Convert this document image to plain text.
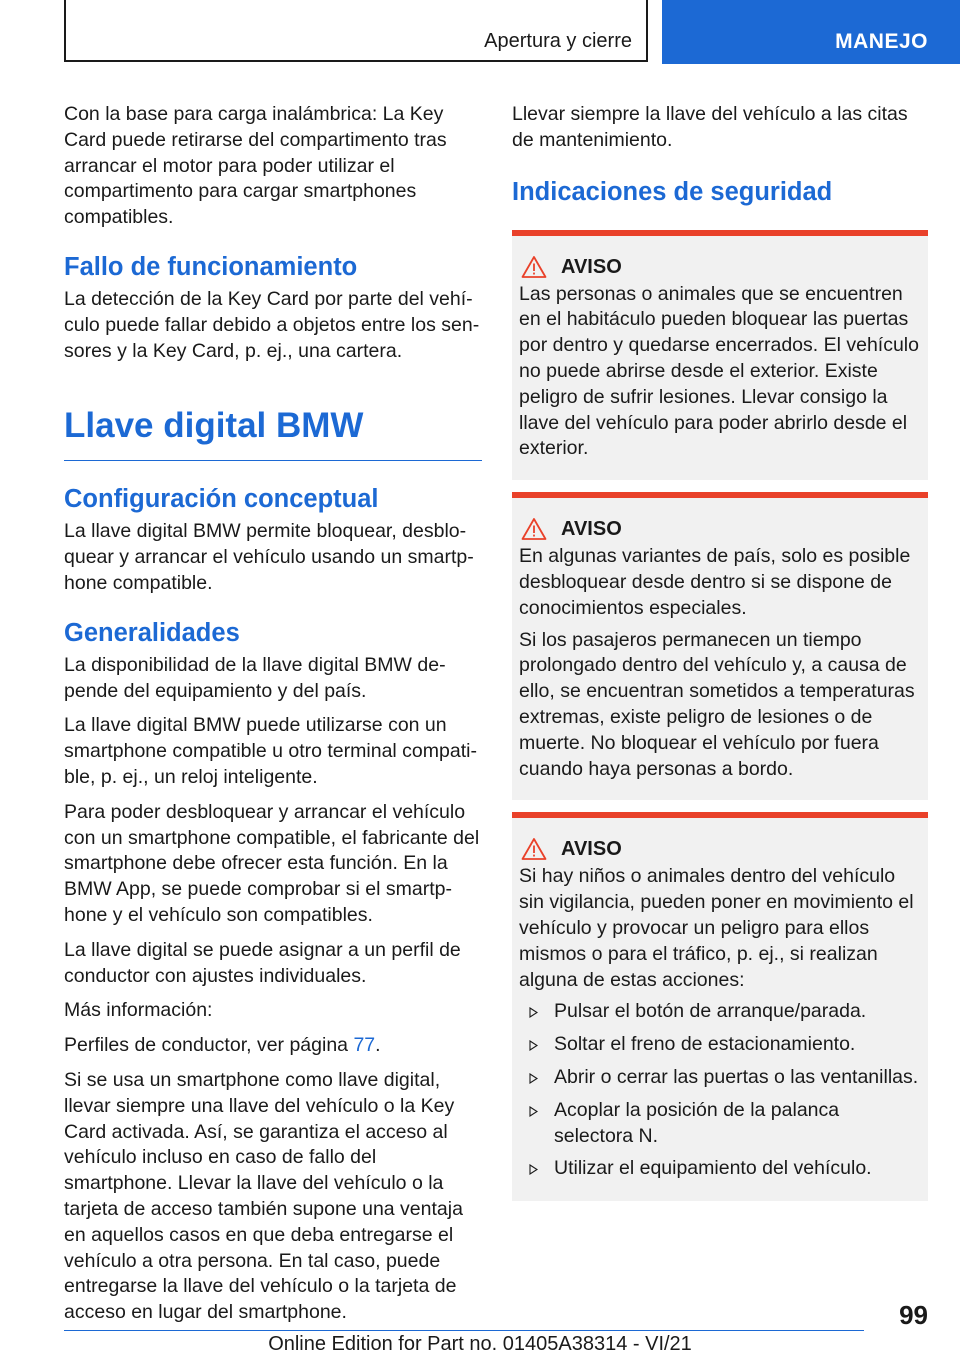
Apertura y cierre	MANEJO

Con la base para carga inalámbrica: La Key Card puede retirarse del compartimento tras arrancar el motor para poder utilizar el compartimento para cargar smartphones compatibles.

Fallo de funcionamiento

La detección de la Key Card por parte del vehículo puede fallar debido a objetos entre los sensores y la Key Card, p. ej., una cartera.

Llave digital BMW
Configuración conceptual

La llave digital BMW permite bloquear, desbloquear y arrancar el vehículo usando un smartphone compatible.

Generalidades

La disponibilidad de la llave digital BMW depende del equipamiento y del país.

La llave digital BMW puede utilizarse con un smartphone compatible u otro terminal compatible, p. ej., un reloj inteligente.

Para poder desbloquear y arrancar el vehículo con un smartphone compatible, el fabricante del smartphone debe ofrecer esta función. En la BMW App, se puede comprobar si el smartphone y el vehículo son compatibles.

La llave digital se puede asignar a un perfil de conductor con ajustes individuales.

Más información:

Perfiles de conductor, ver página 77.

Si se usa un smartphone como llave digital, llevar siempre una llave del vehículo o la Key Card activada. Así, se garantiza el acceso al vehículo incluso en caso de fallo del smartphone. Llevar la llave del vehículo o la tarjeta de acceso también supone una ventaja en aquellos casos en que deba entregarse el vehículo a otra persona. En tal caso, puede entregarse la llave del vehículo o la tarjeta de acceso en lugar del smartphone.

Llevar siempre la llave del vehículo a las citas de mantenimiento.

Indicaciones de seguridad
AVISO

Las personas o animales que se encuentren en el habitáculo pueden bloquear las puertas por dentro y quedarse encerrados. El vehículo no puede abrirse desde el exterior. Existe peligro de sufrir lesiones. Llevar consigo la llave del vehículo para poder abrirlo desde el exterior.

AVISO

En algunas variantes de país, solo es posible desbloquear desde dentro si se dispone de conocimientos especiales.

Si los pasajeros permanecen un tiempo prolongado dentro del vehículo y, a causa de ello, se encuentran sometidos a temperaturas extremas, existe peligro de lesiones o de muerte. No bloquear el vehículo por fuera cuando haya personas a bordo.

AVISO

Si hay niños o animales dentro del vehículo sin vigilancia, pueden poner en movimiento el vehículo y provocar un peligro para ellos mismos o para el tráfico, p. ej., si realizan alguna de estas acciones:

Pulsar el botón de arranque/parada.
Soltar el freno de estacionamiento.
Abrir o cerrar las puertas o las ventanillas.
Acoplar la posición de la palanca selectora N.
Utilizar el equipamiento del vehículo.
99
Online Edition for Part no. 01405A38314 - VI/21
